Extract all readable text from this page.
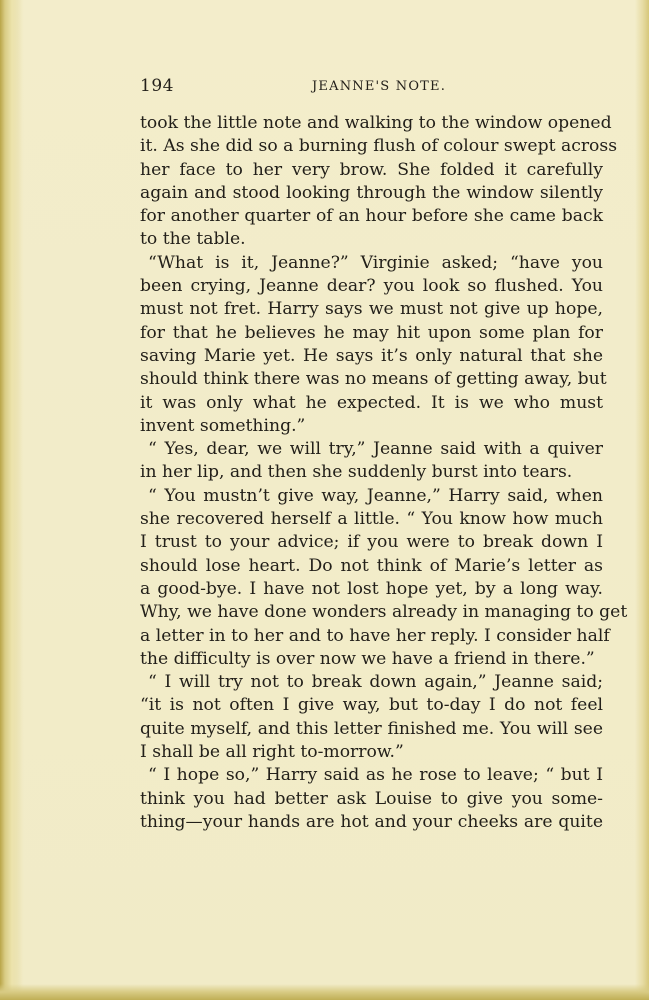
194	JEANNE'S NOTE.
took the little note and walking to the window opened
it. As she did so a burning flush of colour swept across
her face to her very brow. She folded it carefully
again and stood looking through the window silently
for another quarter of an hour before she came back
to the table.
“What is it, Jeanne?” Virginie asked; “have you
been crying, Jeanne dear? you look so flushed. You
must not fret. Harry says we must not give up hope,
for that he believes he may hit upon some plan for
saving Marie yet. He says it’s only natural that she
should think there was no means of getting away, but
it was only what he expected. It is we who must
invent something.”
“ Yes, dear, we will try,” Jeanne said with a quiver
in her lip, and then she suddenly burst into tears.
“ You mustn’t give way, Jeanne,” Harry said, when
she recovered herself a little. “ You know how much
I trust to your advice; if you were to break down I
should lose heart. Do not think of Marie’s letter as
a good-bye. I have not lost hope yet, by a long way.
Why, we have done wonders already in managing to get
a letter in to her and to have her reply. I consider half
the difficulty is over now we have a friend in there.”
“ I will try not to break down again,” Jeanne said;
“it is not often I give way, but to-day I do not feel
quite myself, and this letter finished me. You will see
I shall be all right to-morrow.”
“ I hope so,” Harry said as he rose to leave; “ but I
think you had better ask Louise to give you some-
thing—your hands are hot and your cheeks are quite
